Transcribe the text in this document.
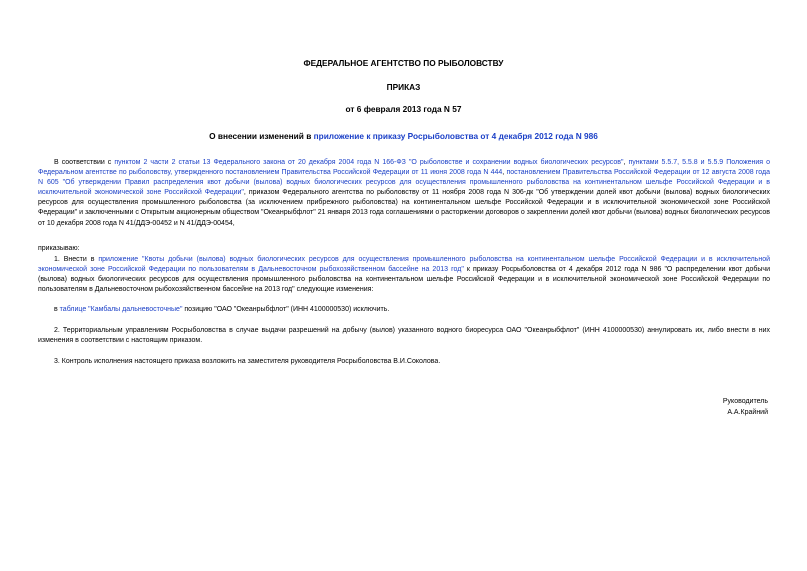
ФЕДЕРАЛЬНОЕ АГЕНТСТВО ПО РЫБОЛОВСТВУ
ПРИКАЗ
от 6 февраля 2013 года N 57
О внесении изменений в приложение к приказу Росрыболовства от 4 декабря 2012 года N 986
В соответствии с пунктом 2 части 2 статьи 13 Федерального закона от 20 декабря 2004 года N 166-ФЗ "О рыболовстве и сохранении водных биологических ресурсов", пунктами 5.5.7, 5.5.8 и 5.5.9 Положения о Федеральном агентстве по рыболовству, утвержденного постановлением Правительства Российской Федерации от 11 июня 2008 года N 444, постановлением Правительства Российской Федерации от 12 августа 2008 года N 605 "Об утверждении Правил распределения квот добычи (вылова) водных биологических ресурсов для осуществления промышленного рыболовства на континентальном шельфе Российской Федерации и в исключительной экономической зоне Российской Федерации", приказом Федерального агентства по рыболовству от 11 ноября 2008 года N 306-дк "Об утверждении долей квот добычи (вылова) водных биологических ресурсов для осуществления промышленного рыболовства (за исключением прибрежного рыболовства) на континентальном шельфе Российской Федерации и в исключительной экономической зоне Российской Федерации" и заключенными с Открытым акционерным обществом "Океанрыбфлот" 21 января 2013 года соглашениями о расторжении договоров о закреплении долей квот добычи (вылова) водных биологических ресурсов от 10 декабря 2008 года N 41/ДДЭ-00452 и N 41/ДДЭ-00454,
приказываю:
1. Внести в приложение "Квоты добычи (вылова) водных биологических ресурсов для осуществления промышленного рыболовства на континентальном шельфе Российской Федерации и в исключительной экономической зоне Российской Федерации по пользователям в Дальневосточном рыбохозяйственном бассейне на 2013 год" к приказу Росрыболовства от 4 декабря 2012 года N 986 "О распределении квот добычи (вылова) водных биологических ресурсов для осуществления промышленного рыболовства на континентальном шельфе Российской Федерации и в исключительной экономической зоне Российской Федерации по пользователям в Дальневосточном рыбохозяйственном бассейне на 2013 год" следующие изменения:
в таблице "Камбалы дальневосточные" позицию "ОАО "Океанрыбфлот" (ИНН 4100000530) исключить.
2. Территориальным управлениям Росрыболовства в случае выдачи разрешений на добычу (вылов) указанного водного биоресурса ОАО "Океанрыбфлот" (ИНН 4100000530) аннулировать их, либо внести в них изменения в соответствии с настоящим приказом.
3. Контроль исполнения настоящего приказа возложить на заместителя руководителя Росрыболовства В.И.Соколова.
Руководитель
А.А.Крайний
